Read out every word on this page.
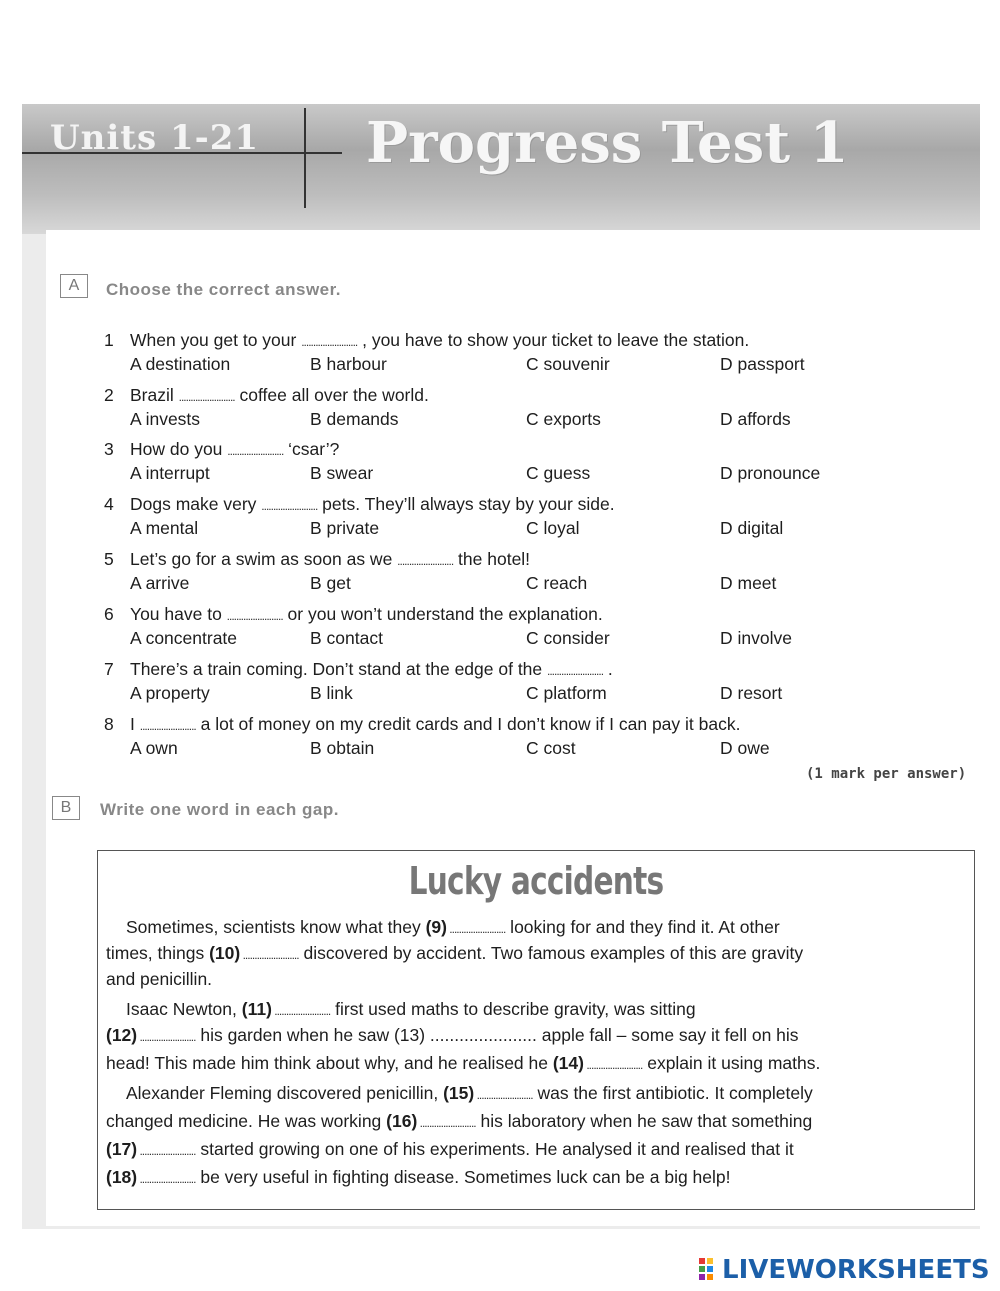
Units 1-21 Progress Test 1
A	Choose the correct answer.
1 When you get to your ........................ , you have to show your ticket to leave the station.
A destination	B harbour	C souvenir	D passport
2 Brazil ........................ coffee all over the world.
A invests	B demands	C exports	D affords
3 How do you ........................ ‘csar’?
A interrupt	B swear	C guess	D pronounce
4 Dogs make very ........................ pets. They’ll always stay by your side.
A mental	B private	C loyal	D digital
5 Let’s go for a swim as soon as we ........................ the hotel!
A arrive	B get	C reach	D meet
6 You have to ........................ or you won’t understand the explanation.
A concentrate	B contact	C consider	D involve
7 There’s a train coming. Don’t stand at the edge of the ........................ .
A property	B link	C platform	D resort
8 I ........................ a lot of money on my credit cards and I don’t know if I can pay it back.
A own	B obtain	C cost	D owe
(1 mark per answer)
B	Write one word in each gap.
Lucky accidents
Sometimes, scientists know what they (9) ........................ looking for and they find it. At other
times, things (10) ........................ discovered by accident. Two famous examples of this are gravity
and penicillin.
Isaac Newton, (11) ........................ first used maths to describe gravity, was sitting
(12) ........................ his garden when he saw (13) ...................... apple fall – some say it fell on his
head! This made him think about why, and he realised he (14) ........................ explain it using maths.
Alexander Fleming discovered penicillin, (15) ........................ was the first antibiotic. It completely
changed medicine. He was working (16) ........................ his laboratory when he saw that something
(17) ........................ started growing on one of his experiments. He analysed it and realised that it
(18) ........................ be very useful in fighting disease. Sometimes luck can be a big help!
LIVEWORKSHEETS
